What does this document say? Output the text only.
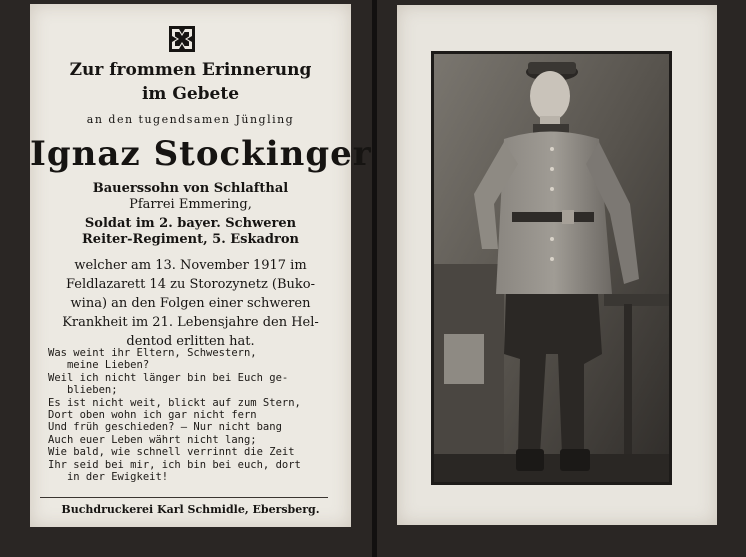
Zur frommen Erinnerung
im Gebete
an den tugendsamen Jüngling
Ignaz Stockinger
Bauerssohn von Schlafthal
Pfarrei Emmering,
Soldat im 2. bayer. Schweren
Reiter-Regiment, 5. Eskadron
welcher am 13. November 1917 im
Feldlazarett 14 zu Storozynetz (Buko-
wina) an den Folgen einer schweren
Krankheit im 21. Lebensjahre den Hel-
dentod erlitten hat.
Was weint ihr Eltern, Schwestern,
meine Lieben?
Weil ich nicht länger bin bei Euch ge-
blieben;
Es ist nicht weit, blickt auf zum Stern,
Dort oben wohn ich gar nicht fern
Und früh geschieden? — Nur nicht bang
Auch euer Leben währt nicht lang;
Wie bald, wie schnell verrinnt die Zeit
Ihr seid bei mir, ich bin bei euch, dort
in der Ewigkeit!
Buchdruckerei Karl Schmidle, Ebersberg.
